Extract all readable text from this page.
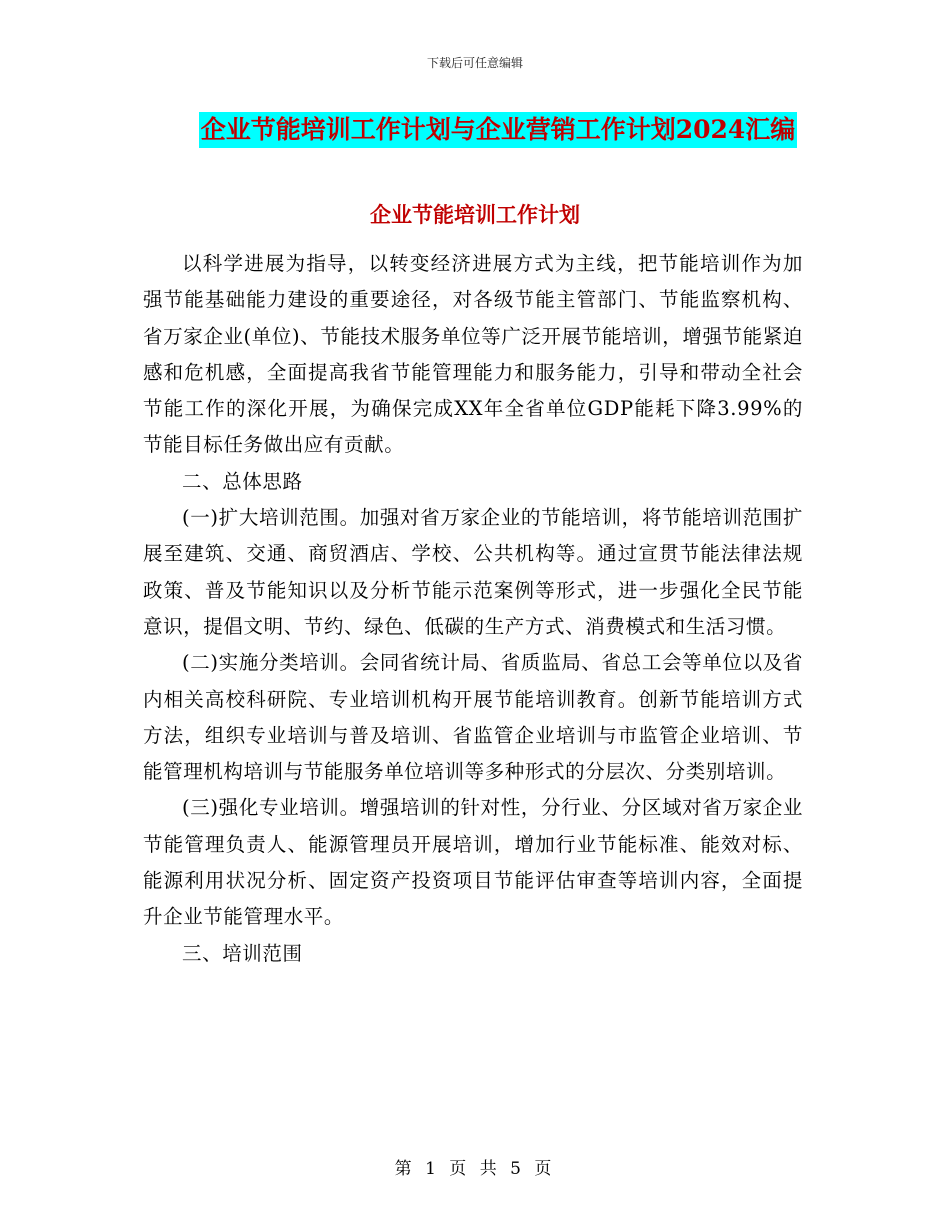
下载后可任意编辑
企业节能培训工作计划与企业营销工作计划2024汇编
企业节能培训工作计划

以科学进展为指导，以转变经济进展方式为主线，把节能培训作为加强节能基础能力建设的重要途径，对各级节能主管部门、节能监察机构、省万家企业(单位)、节能技术服务单位等广泛开展节能培训，增强节能紧迫感和危机感，全面提高我省节能管理能力和服务能力，引导和带动全社会节能工作的深化开展，为确保完成XX年全省单位GDP能耗下降3.99%的节能目标任务做出应有贡献。

二、总体思路

(一)扩大培训范围。加强对省万家企业的节能培训，将节能培训范围扩展至建筑、交通、商贸酒店、学校、公共机构等。通过宣贯节能法律法规政策、普及节能知识以及分析节能示范案例等形式，进一步强化全民节能意识，提倡文明、节约、绿色、低碳的生产方式、消费模式和生活习惯。

(二)实施分类培训。会同省统计局、省质监局、省总工会等单位以及省内相关高校科研院、专业培训机构开展节能培训教育。创新节能培训方式方法，组织专业培训与普及培训、省监管企业培训与市监管企业培训、节能管理机构培训与节能服务单位培训等多种形式的分层次、分类别培训。

(三)强化专业培训。增强培训的针对性，分行业、分区域对省万家企业节能管理负责人、能源管理员开展培训，增加行业节能标准、能效对标、能源利用状况分析、固定资产投资项目节能评估审查等培训内容，全面提升企业节能管理水平。

三、培训范围

第 1 页 共 5 页
